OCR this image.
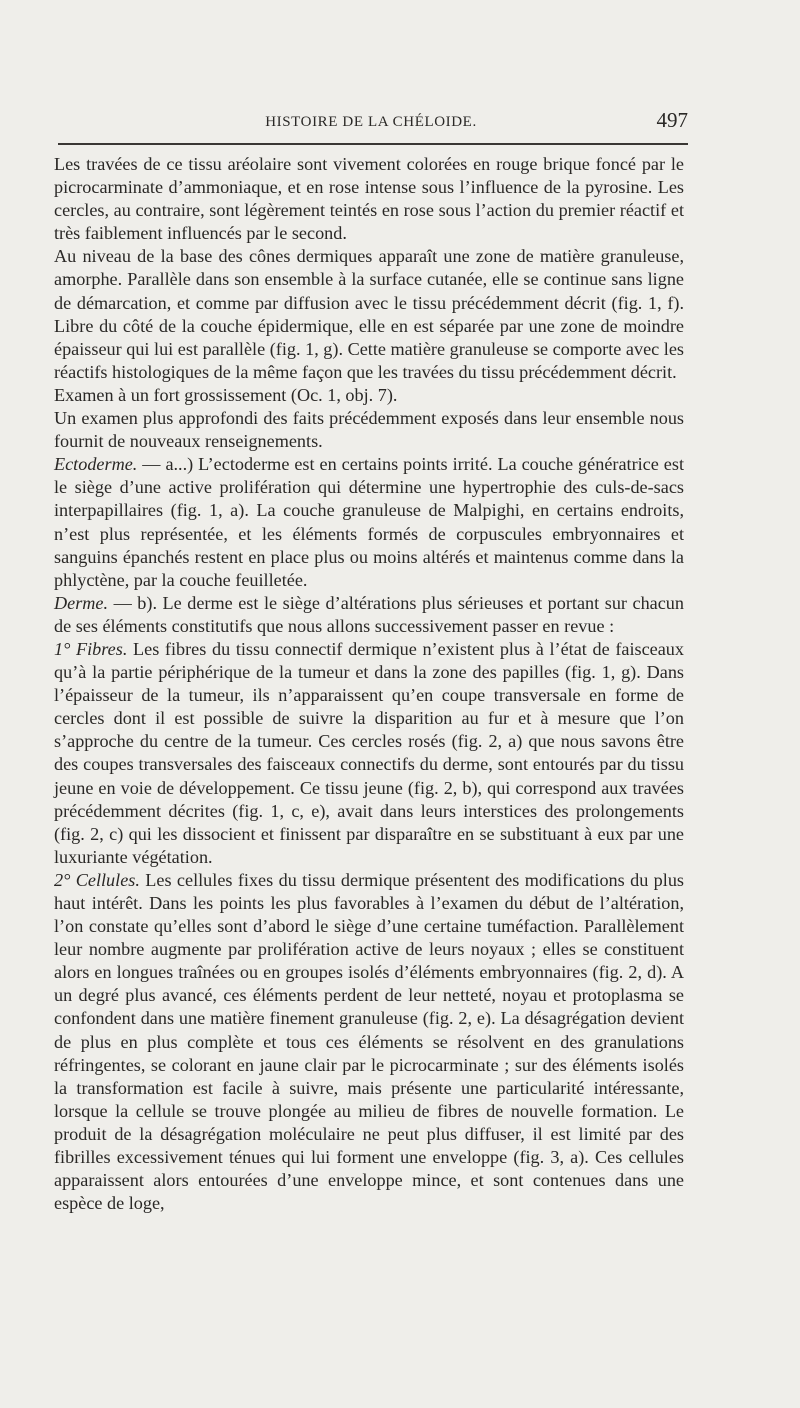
HISTOIRE DE LA CHÉLOIDE.	497

Les travées de ce tissu aréolaire sont vivement colorées en rouge brique foncé par le picrocarminate d’ammoniaque, et en rose intense sous l’influence de la pyrosine. Les cercles, au contraire, sont légèrement teintés en rose sous l’action du premier réactif et très faiblement influencés par le second.

Au niveau de la base des cônes dermiques apparaît une zone de matière granuleuse, amorphe. Parallèle dans son ensemble à la surface cutanée, elle se continue sans ligne de démarcation, et comme par diffusion avec le tissu précédemment décrit (fig. 1, f). Libre du côté de la couche épidermique, elle en est séparée par une zone de moindre épaisseur qui lui est parallèle (fig. 1, g). Cette matière granuleuse se comporte avec les réactifs histologiques de la même façon que les travées du tissu précédemment décrit.

Examen à un fort grossissement (Oc. 1, obj. 7).

Un examen plus approfondi des faits précédemment exposés dans leur ensemble nous fournit de nouveaux renseignements.

Ectoderme. — a...) L’ectoderme est en certains points irrité. La couche génératrice est le siège d’une active prolifération qui détermine une hypertrophie des culs-de-sacs interpapillaires (fig. 1, a). La couche granuleuse de Malpighi, en certains endroits, n’est plus représentée, et les éléments formés de corpuscules embryonnaires et sanguins épanchés restent en place plus ou moins altérés et maintenus comme dans la phlyctène, par la couche feuilletée.

Derme. — b). Le derme est le siège d’altérations plus sérieuses et portant sur chacun de ses éléments constitutifs que nous allons successivement passer en revue :

1° Fibres. Les fibres du tissu connectif dermique n’existent plus à l’état de faisceaux qu’à la partie périphérique de la tumeur et dans la zone des papilles (fig. 1, g). Dans l’épaisseur de la tumeur, ils n’apparaissent qu’en coupe transversale en forme de cercles dont il est possible de suivre la disparition au fur et à mesure que l’on s’approche du centre de la tumeur. Ces cercles rosés (fig. 2, a) que nous savons être des coupes transversales des faisceaux connectifs du derme, sont entourés par du tissu jeune en voie de développement. Ce tissu jeune (fig. 2, b), qui correspond aux travées précédemment décrites (fig. 1, c, e), avait dans leurs interstices des prolongements (fig. 2, c) qui les dissocient et finissent par disparaître en se substituant à eux par une luxuriante végétation.

2° Cellules. Les cellules fixes du tissu dermique présentent des modifications du plus haut intérêt. Dans les points les plus favorables à l’examen du début de l’altération, l’on constate qu’elles sont d’abord le siège d’une certaine tuméfaction. Parallèlement leur nombre augmente par prolifération active de leurs noyaux ; elles se constituent alors en longues traînées ou en groupes isolés d’éléments embryonnaires (fig. 2, d). A un degré plus avancé, ces éléments perdent de leur netteté, noyau et protoplasma se confondent dans une matière finement granuleuse (fig. 2, e). La désagrégation devient de plus en plus complète et tous ces éléments se résolvent en des granulations réfringentes, se colorant en jaune clair par le picrocarminate ; sur des éléments isolés la transformation est facile à suivre, mais présente une particularité intéressante, lorsque la cellule se trouve plongée au milieu de fibres de nouvelle formation. Le produit de la désagrégation moléculaire ne peut plus diffuser, il est limité par des fibrilles excessivement ténues qui lui forment une enveloppe (fig. 3, a). Ces cellules apparaissent alors entourées d’une enveloppe mince, et sont contenues dans une espèce de loge,
